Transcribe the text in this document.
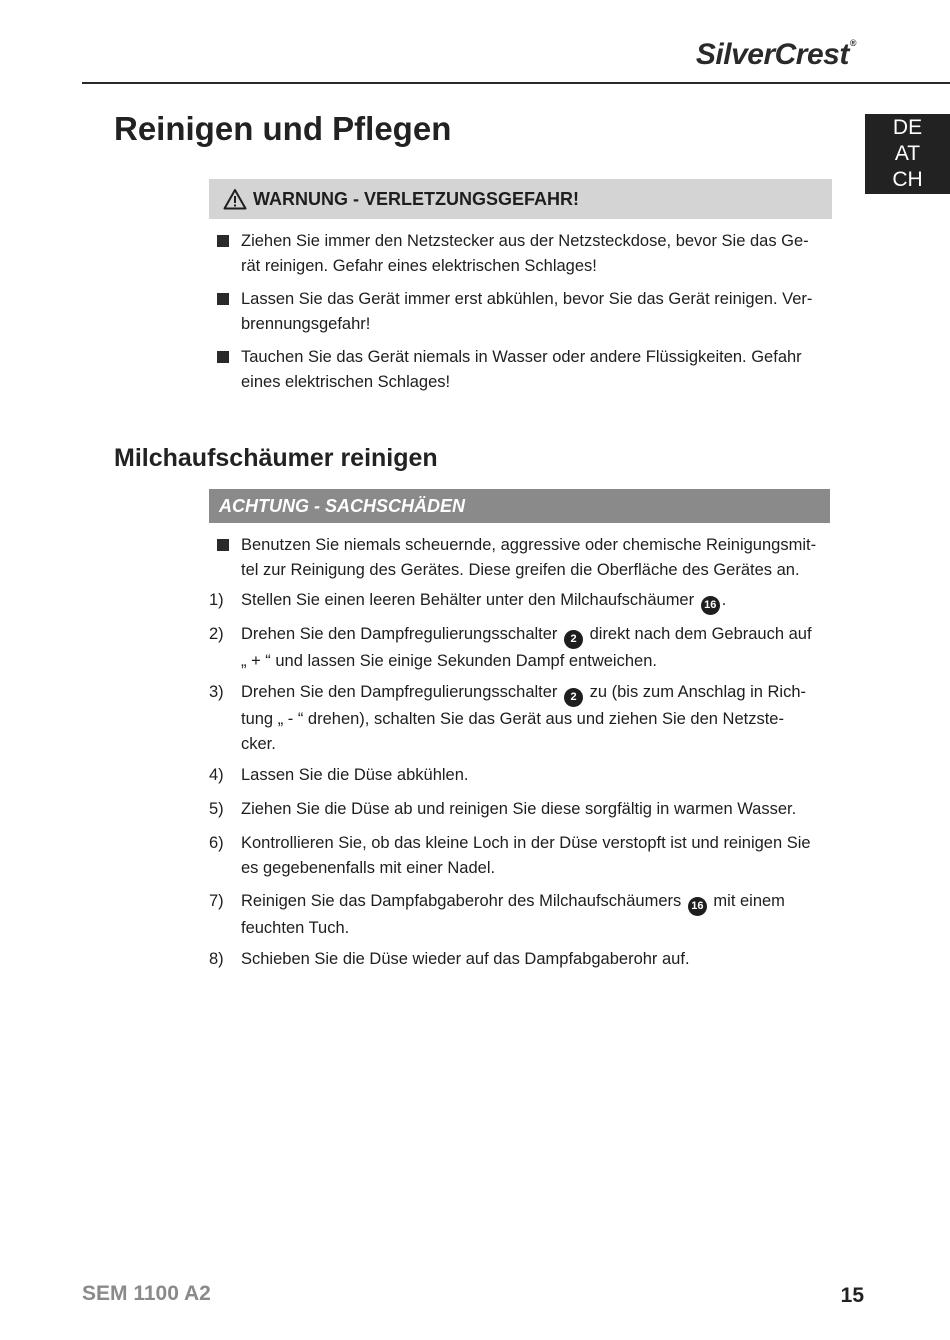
SilverCrest®
DE
AT
CH
Reinigen und Pflegen
WARNUNG - VERLETZUNGSGEFAHR!
Ziehen Sie immer den Netzstecker aus der Netzsteckdose, bevor Sie das Ge-
rät reinigen. Gefahr eines elektrischen Schlages!
Lassen Sie das Gerät immer erst abkühlen, bevor Sie das Gerät reinigen. Ver-
brennungsgefahr!
Tauchen Sie das Gerät niemals in Wasser oder andere Flüssigkeiten. Gefahr
eines elektrischen Schlages!
Milchaufschäumer reinigen
ACHTUNG - SACHSCHÄDEN
Benutzen Sie niemals scheuernde, aggressive oder chemische Reinigungsmit-
tel zur Reinigung des Gerätes. Diese greifen die Oberfläche des Gerätes an.
1)	Stellen Sie einen leeren Behälter unter den Milchaufschäumer 16 .
2)	Drehen Sie den Dampfregulierungsschalter 2 direkt nach dem Gebrauch auf
„ + “ und lassen Sie einige Sekunden Dampf entweichen.
3)	Drehen Sie den Dampfregulierungsschalter 2 zu (bis zum Anschlag in Rich-
tung „ - “ drehen), schalten Sie das Gerät aus und ziehen Sie den Netzste-
cker.
4)	Lassen Sie die Düse abkühlen.
5)	Ziehen Sie die Düse ab und reinigen Sie diese sorgfältig in warmen Wasser.
6)	Kontrollieren Sie, ob das kleine Loch in der Düse verstopft ist und reinigen Sie
es gegebenenfalls mit einer Nadel.
7)	Reinigen Sie das Dampfabgaberohr des Milchaufschäumers 16 mit einem
feuchten Tuch.
8)	Schieben Sie die Düse wieder auf das Dampfabgaberohr auf.
SEM 1100 A2	15
